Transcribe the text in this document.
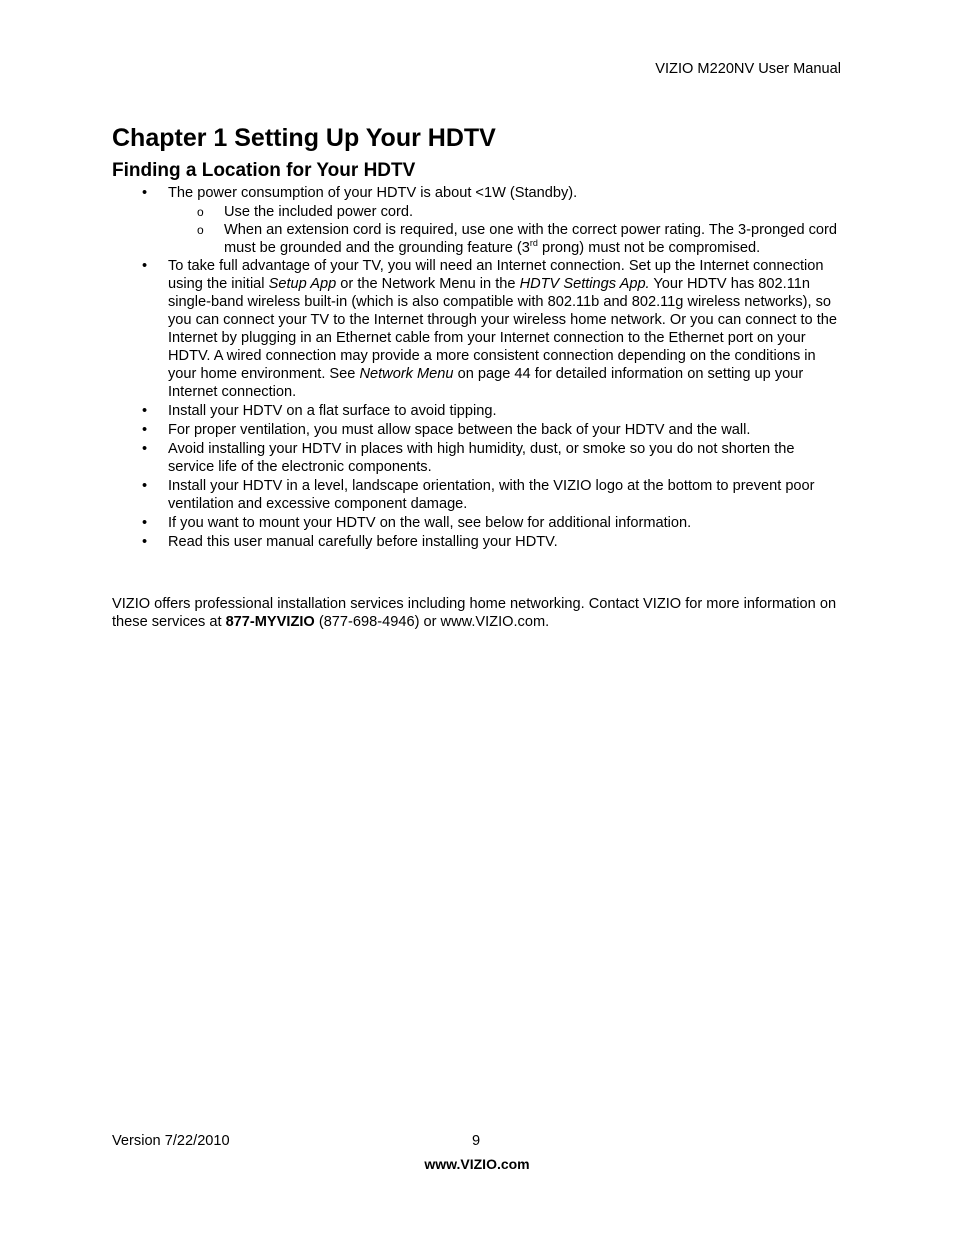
VIZIO M220NV User Manual
Chapter 1 Setting Up Your HDTV
Finding a Location for Your HDTV
• The power consumption of your HDTV is about <1W (Standby).
o Use the included power cord.
o When an extension cord is required, use one with the correct power rating. The 3-pronged cord must be grounded and the grounding feature (3rd prong) must not be compromised.
• To take full advantage of your TV, you will need an Internet connection. Set up the Internet connection using the initial Setup App or the Network Menu in the HDTV Settings App. Your HDTV has 802.11n single-band wireless built-in (which is also compatible with 802.11b and 802.11g wireless networks), so you can connect your TV to the Internet through your wireless home network. Or you can connect to the Internet by plugging in an Ethernet cable from your Internet connection to the Ethernet port on your HDTV. A wired connection may provide a more consistent connection depending on the conditions in your home environment. See Network Menu on page 44 for detailed information on setting up your Internet connection.
• Install your HDTV on a flat surface to avoid tipping.
• For proper ventilation, you must allow space between the back of your HDTV and the wall.
• Avoid installing your HDTV in places with high humidity, dust, or smoke so you do not shorten the service life of the electronic components.
• Install your HDTV in a level, landscape orientation, with the VIZIO logo at the bottom to prevent poor ventilation and excessive component damage.
• If you want to mount your HDTV on the wall, see below for additional information.
• Read this user manual carefully before installing your HDTV.
VIZIO offers professional installation services including home networking. Contact VIZIO for more information on these services at 877-MYVIZIO (877-698-4946) or www.VIZIO.com.
Version 7/22/2010	9
www.VIZIO.com
